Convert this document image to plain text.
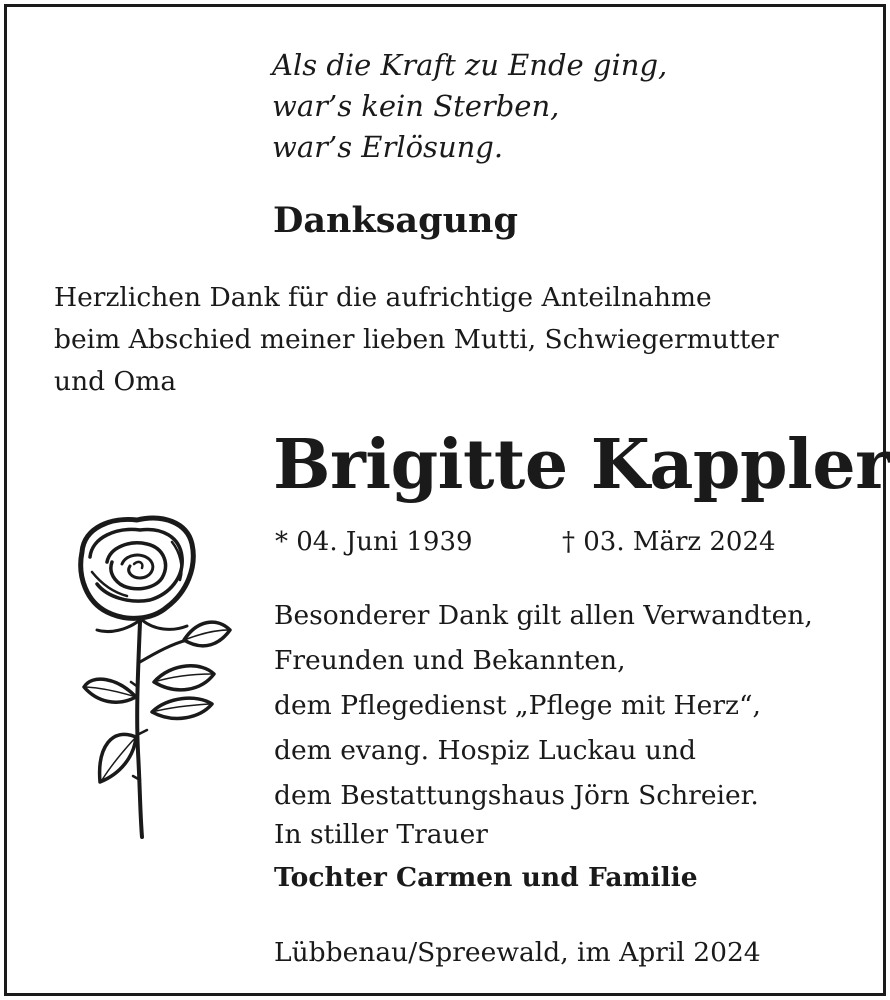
Als die Kraft zu Ende ging,
war’s kein Sterben,
war’s Erlösung.
Danksagung
Herzlichen Dank für die aufrichtige Anteilnahme
beim Abschied meiner lieben Mutti, Schwiegermutter
und Oma
Brigitte Kappler
* 04. Juni 1939	† 03. März 2024
Besonderer Dank gilt allen Verwandten,
Freunden und Bekannten,
dem Pflegedienst „Pflege mit Herz“,
dem evang. Hospiz Luckau und
dem Bestattungshaus Jörn Schreier.
In stiller Trauer
Tochter Carmen und Familie
Lübbenau/Spreewald, im April 2024
